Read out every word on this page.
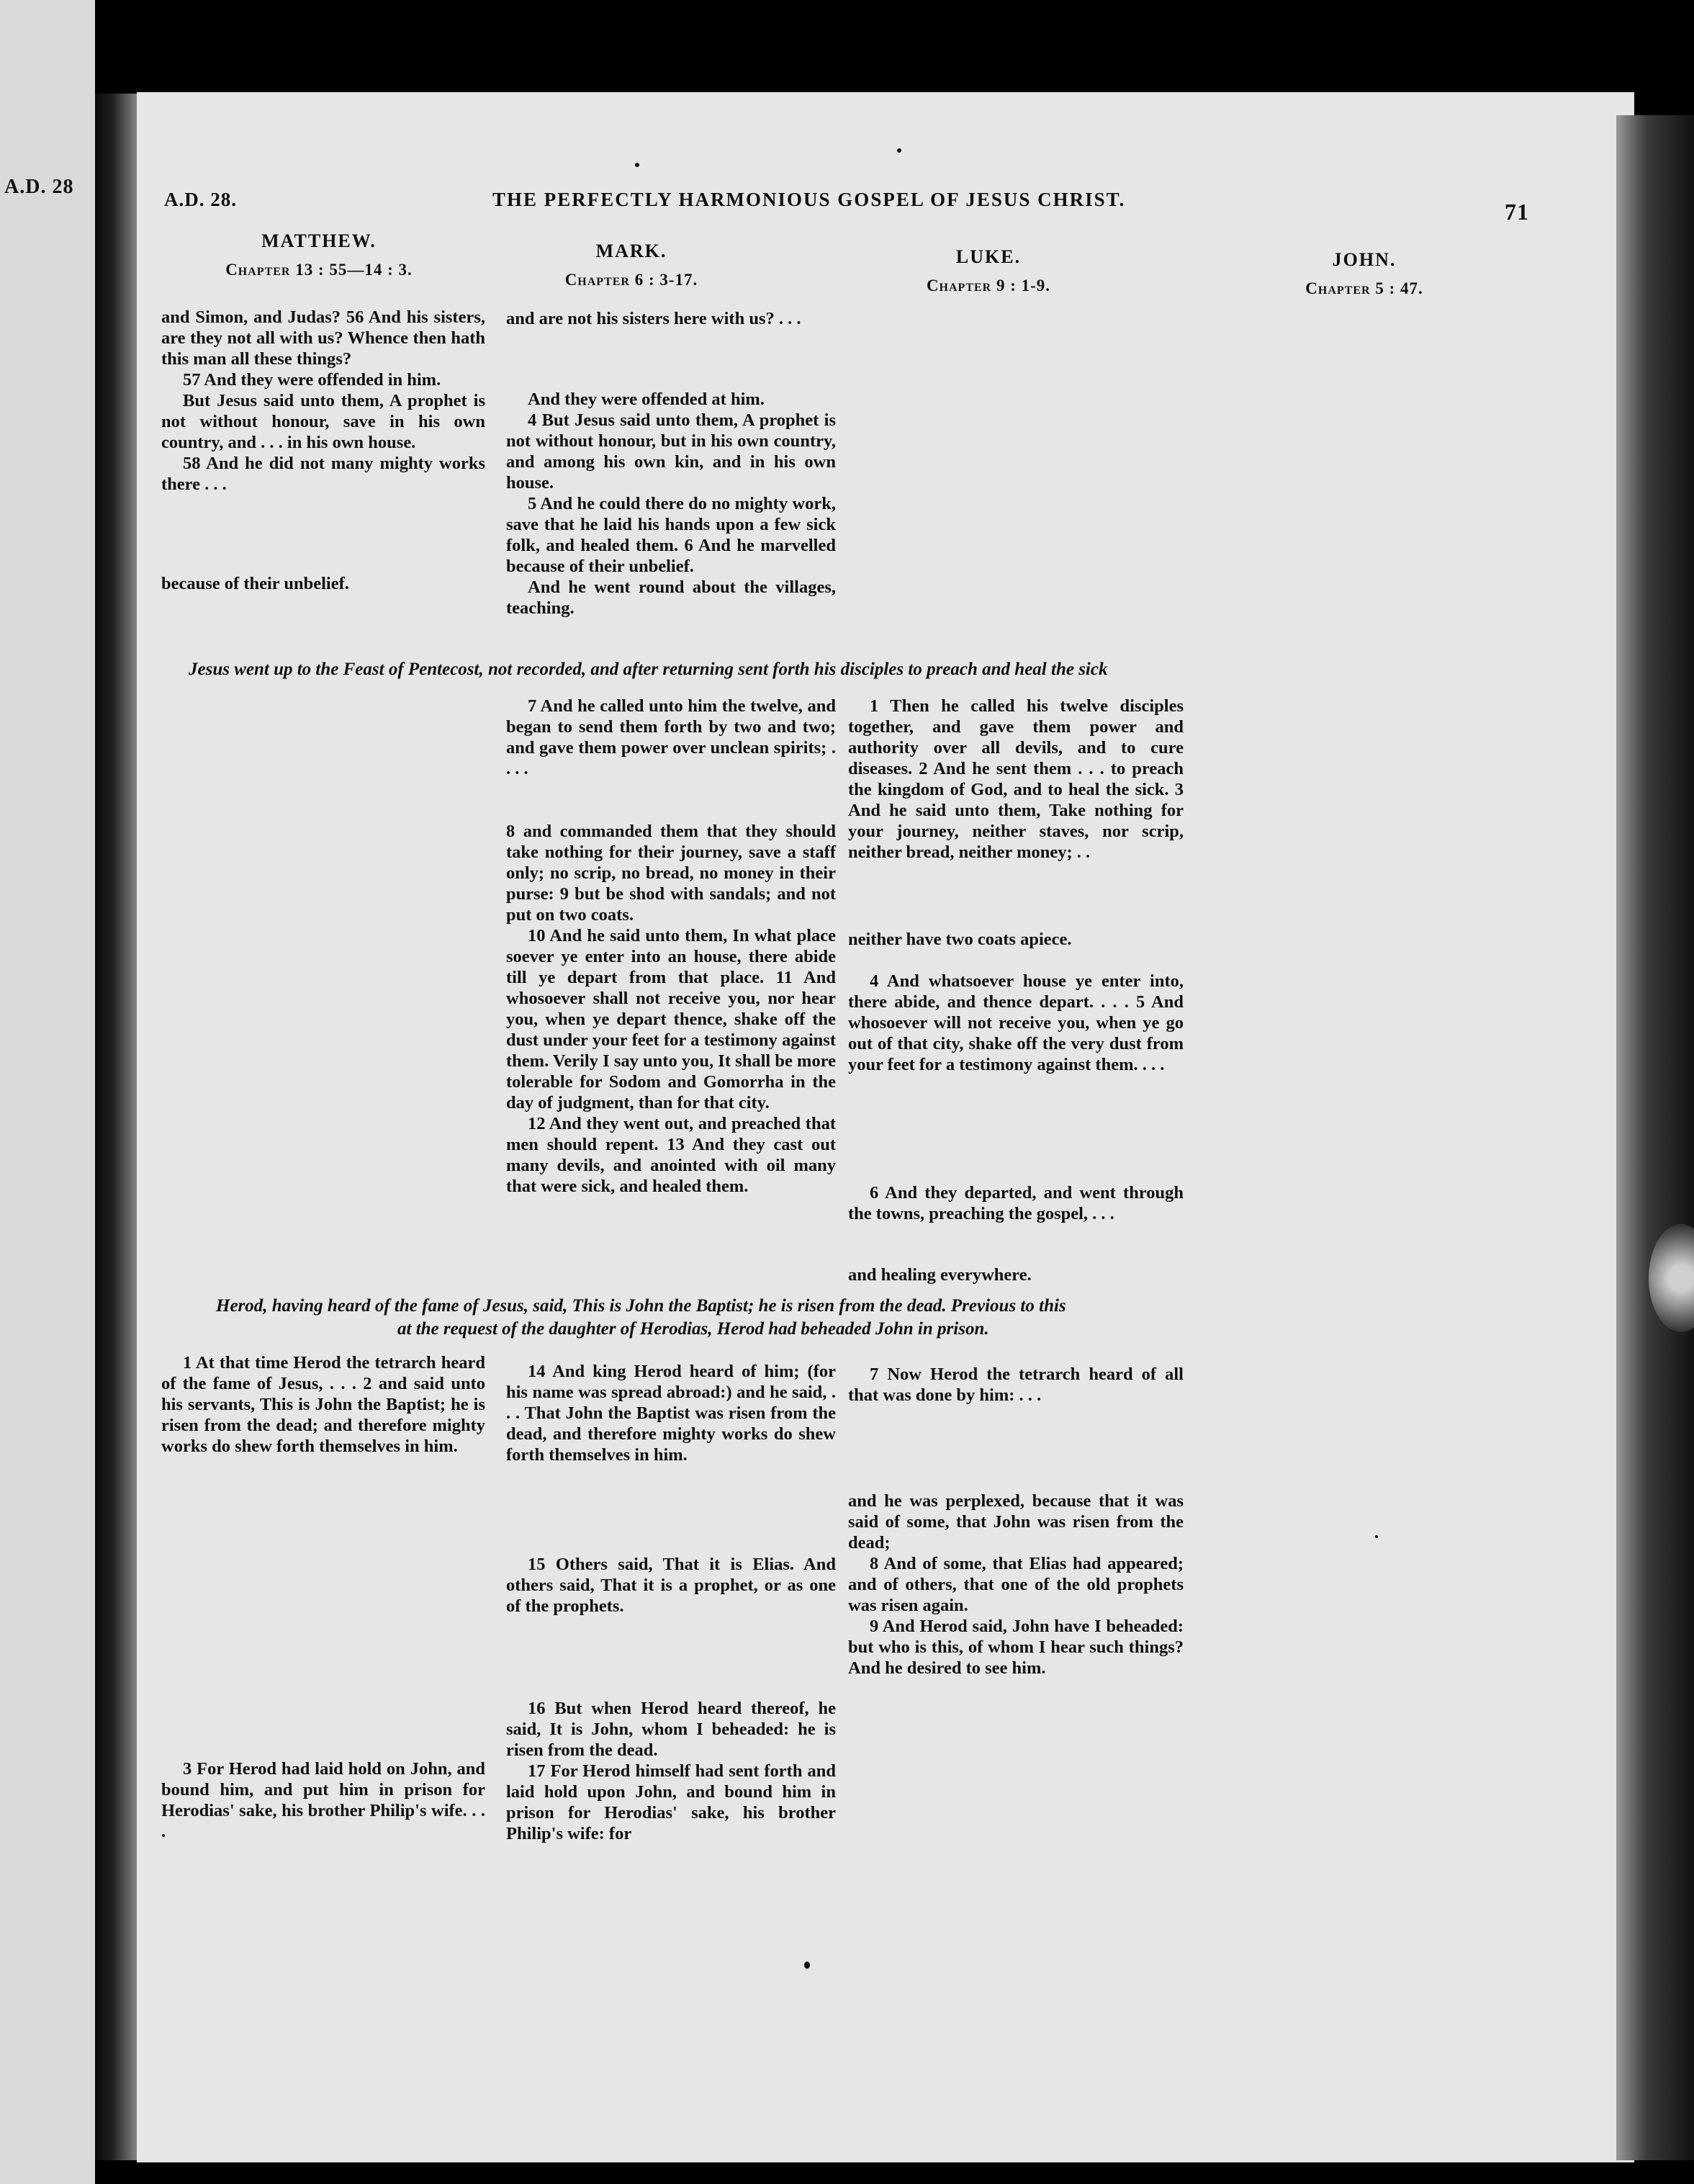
A.D. 28
A.D. 28.	THE PERFECTLY HARMONIOUS GOSPEL OF JESUS CHRIST.	71
MATTHEW.
Chapter 13 : 55—14 : 3.
MARK.
Chapter 6 : 3-17.
LUKE.
Chapter 9 : 1-9.
JOHN.
Chapter 5 : 47.

and Simon, and Judas? 56 And his sisters, are they not all with us? Whence then hath this man all these things?

57 And they were offended in him.

But Jesus said unto them, A prophet is not without honour, save in his own country, and . . . in his own house.

58 And he did not many mighty works there . . .

because of their unbelief.

and are not his sisters here with us? . . .

And they were offended at him.

4 But Jesus said unto them, A prophet is not without honour, but in his own country, and among his own kin, and in his own house.

5 And he could there do no mighty work, save that he laid his hands upon a few sick folk, and healed them. 6 And he marvelled because of their unbelief.

And he went round about the villages, teaching.

Jesus went up to the Feast of Pentecost, not recorded, and after returning sent forth his disciples to preach and heal the sick

7 And he called unto him the twelve, and began to send them forth by two and two; and gave them power over unclean spirits; . . . .

8 and commanded them that they should take nothing for their journey, save a staff only; no scrip, no bread, no money in their purse: 9 but be shod with sandals; and not put on two coats.

10 And he said unto them, In what place soever ye enter into an house, there abide till ye depart from that place. 11 And whosoever shall not receive you, nor hear you, when ye depart thence, shake off the dust under your feet for a testimony against them. Verily I say unto you, It shall be more tolerable for Sodom and Gomorrha in the day of judgment, than for that city.

12 And they went out, and preached that men should repent. 13 And they cast out many devils, and anointed with oil many that were sick, and healed them.

1 Then he called his twelve disciples together, and gave them power and authority over all devils, and to cure diseases. 2 And he sent them . . . to preach the kingdom of God, and to heal the sick. 3 And he said unto them, Take nothing for your journey, neither staves, nor scrip, neither bread, neither money; . .

neither have two coats apiece.

4 And whatsoever house ye enter into, there abide, and thence depart. . . . 5 And whosoever will not receive you, when ye go out of that city, shake off the very dust from your feet for a testimony against them. . . .

6 And they departed, and went through the towns, preaching the gospel, . . .

and healing everywhere.

Herod, having heard of the fame of Jesus, said, This is John the Baptist; he is risen from the dead. Previous to this
at the request of the daughter of Herodias, Herod had beheaded John in prison.

1 At that time Herod the tetrarch heard of the fame of Jesus, . . . 2 and said unto his servants, This is John the Baptist; he is risen from the dead; and therefore mighty works do shew forth themselves in him.

3 For Herod had laid hold on John, and bound him, and put him in prison for Herodias' sake, his brother Philip's wife. . . .

14 And king Herod heard of him; (for his name was spread abroad:) and he said, . . . That John the Baptist was risen from the dead, and therefore mighty works do shew forth themselves in him.

15 Others said, That it is Elias. And others said, That it is a prophet, or as one of the prophets.

16 But when Herod heard thereof, he said, It is John, whom I beheaded: he is risen from the dead.

17 For Herod himself had sent forth and laid hold upon John, and bound him in prison for Herodias' sake, his brother Philip's wife: for

7 Now Herod the tetrarch heard of all that was done by him: . . .

and he was perplexed, because that it was said of some, that John was risen from the dead;

8 And of some, that Elias had appeared; and of others, that one of the old prophets was risen again.

9 And Herod said, John have I beheaded: but who is this, of whom I hear such things? And he desired to see him.
